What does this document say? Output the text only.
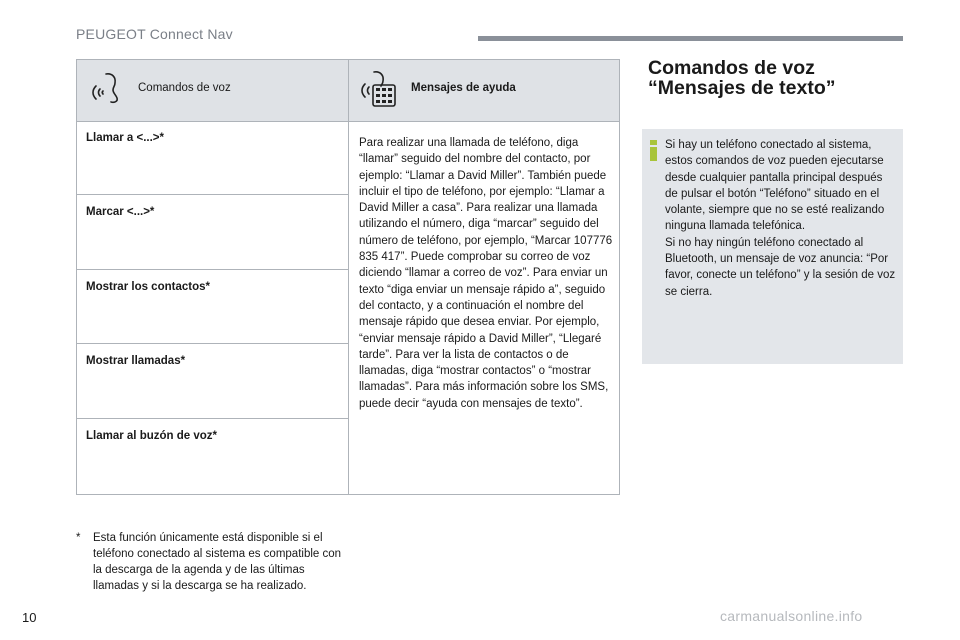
PEUGEOT Connect Nav
Comandos de voz	Mensajes de ayuda
Llamar a <...>*
Marcar <...>*
Mostrar los contactos*
Mostrar llamadas*
Llamar al buzón de voz*
Para realizar una llamada de teléfono, diga “llamar” seguido del nombre del contacto, por ejemplo: “Llamar a David Miller”. También puede incluir el tipo de teléfono, por ejemplo: “Llamar a David Miller a casa”. Para realizar una llamada utilizando el número, diga “marcar” seguido del número de teléfono, por ejemplo, “Marcar 107776 835 417”. Puede comprobar su correo de voz diciendo “llamar a correo de voz”. Para enviar un texto “diga enviar un mensaje rápido a”, seguido del contacto, y a continuación el nombre del mensaje rápido que desea enviar. Por ejemplo, “enviar mensaje rápido a David Miller”, “Llegaré tarde”. Para ver la lista de contactos o de llamadas, diga “mostrar contactos” o “mostrar llamadas”. Para más información sobre los SMS, puede decir “ayuda con mensajes de texto”.
* Esta función únicamente está disponible si el teléfono conectado al sistema es compatible con la descarga de la agenda y de las últimas llamadas y si la descarga se ha realizado.
Comandos de voz
“Mensajes de texto”
Si hay un teléfono conectado al sistema, estos comandos de voz pueden ejecutarse desde cualquier pantalla principal después de pulsar el botón “Teléfono” situado en el volante, siempre que no se esté realizando ninguna llamada telefónica.
Si no hay ningún teléfono conectado al Bluetooth, un mensaje de voz anuncia: “Por favor, conecte un teléfono” y la sesión de voz se cierra.
10	carmanualsonline.info
